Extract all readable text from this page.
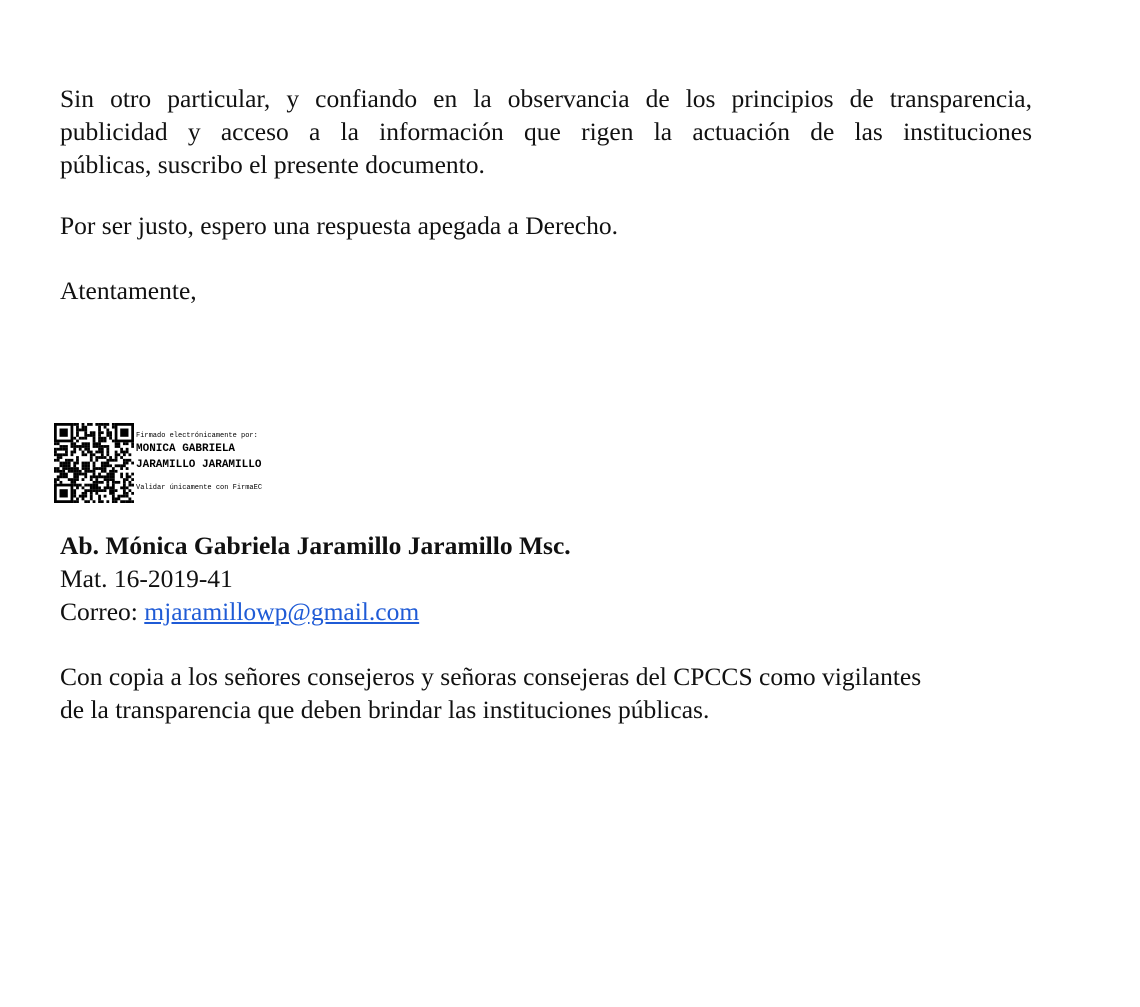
Sin otro particular, y confiando en la observancia de los principios de transparencia,
publicidad y acceso a la información que rigen la actuación de las instituciones
públicas, suscribo el presente documento.

Por ser justo, espero una respuesta apegada a Derecho.

Atentamente,

Firmado electrónicamente por:
MONICA GABRIELA
JARAMILLO JARAMILLO
Validar únicamente con FirmaEC

Ab. Mónica Gabriela Jaramillo Jaramillo Msc.

Mat. 16-2019-41

Correo: mjaramillowp@gmail.com

Con copia a los señores consejeros y señoras consejeras del CPCCS como vigilantes
de la transparencia que deben brindar las instituciones públicas.
